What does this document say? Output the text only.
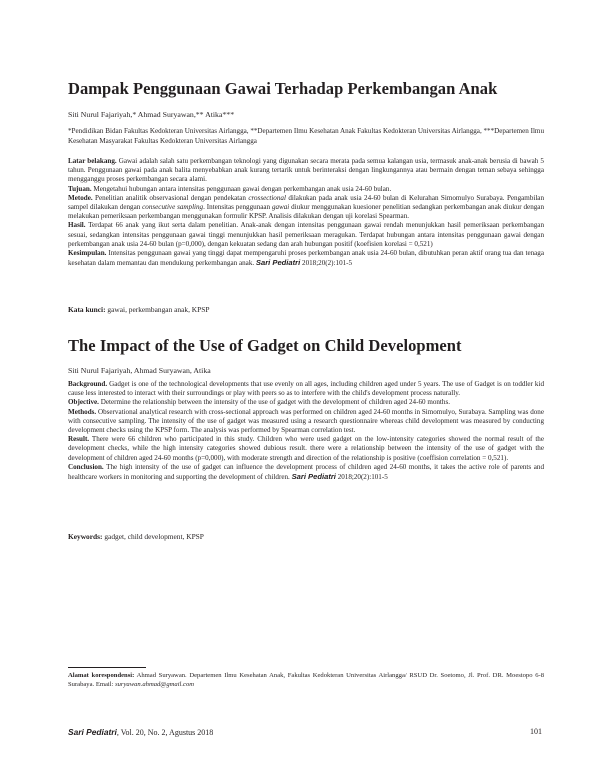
Dampak Penggunaan Gawai Terhadap Perkembangan Anak
Siti Nurul Fajariyah,* Ahmad Suryawan,** Atika***
*Pendidikan Bidan Fakultas Kedokteran Universitas Airlangga, **Departemen Ilmu Kesehatan Anak Fakultas Kedokteran Universitas Airlangga, ***Departemen Ilmu Kesehatan Masyarakat Fakultas Kedokteran Universitas Airlangga

Latar belakang. Gawai adalah salah satu perkembangan teknologi yang digunakan secara merata pada semua kalangan usia, termasuk anak-anak berusia di bawah 5 tahun. Penggunaan gawai pada anak balita menyebabkan anak kurang tertarik untuk berinteraksi dengan lingkungannya atau bermain dengan teman sebaya sehingga mengganggu proses perkembangan secara alami.

Tujuan. Mengetahui hubungan antara intensitas penggunaan gawai dengan perkembangan anak usia 24-60 bulan.

Metode. Penelitian analitik observasional dengan pendekatan crossectional dilakukan pada anak usia 24-60 bulan di Kelurahan Simomulyo Surabaya. Pengambilan sampel dilakukan dengan consecutive sampling. Intensitas penggunaan gawai diukur menggunakan kuesioner penelitian sedangkan perkembangan anak diukur dengan melakukan pemeriksaan perkembangan menggunakan formulir KPSP. Analisis dilakukan dengan uji korelasi Spearman.

Hasil. Terdapat 66 anak yang ikut serta dalam penelitian. Anak-anak dengan intensitas penggunaan gawai rendah menunjukkan hasil pemeriksaan perkembangan sesuai, sedangkan intensitas penggunaan gawai tinggi menunjukkan hasil pemeriksaan meragukan. Terdapat hubungan antara intensitas penggunaan gawai dengan perkembangan anak usia 24-60 bulan (p=0,000), dengan kekuatan sedang dan arah hubungan positif (koefisien korelasi = 0,521)

Kesimpulan. Intensitas penggunaan gawai yang tinggi dapat mempengaruhi proses perkembangan anak usia 24-60 bulan, dibutuhkan peran aktif orang tua dan tenaga kesehatan dalam memantau dan mendukung perkembangan anak. Sari Pediatri 2018;20(2):101-5

Kata kunci: gawai, perkembangan anak, KPSP
The Impact of the Use of Gadget on Child Development
Siti Nurul Fajariyah, Ahmad Suryawan, Atika

Background. Gadget is one of the technological developments that use evenly on all ages, including children aged under 5 years. The use of Gadget is on toddler kid cause less interested to interact with their surroundings or play with peers so as to interfere with the child's development process naturally.

Objective. Determine the relationship between the intensity of the use of gadget with the development of children aged 24-60 months.

Methods. Observational analytical research with cross-sectional approach was performed on children aged 24-60 months in Simomulyo, Surabaya. Sampling was done with consecutive sampling. The intensity of the use of gadget was measured using a research questionnaire whereas child development was measured by conducting development checks using the KPSP form. The analysis was performed by Spearman correlation test.

Result. There were 66 children who participated in this study. Children who were used gadget on the low-intensity categories showed the normal result of the development checks, while the high intensity categories showed dubious result. there were a relationship between the intensity of the use of gadget with the development of children aged 24-60 months (p=0,000), with moderate strength and direction of the relationship is positive (coeffision correlation = 0,521).

Conclusion. The high intensity of the use of gadget can influence the development process of children aged 24-60 months, it takes the active role of parents and healthcare workers in monitoring and supporting the development of children. Sari Pediatri 2018;20(2):101-5

Keywords: gadget, child development, KPSP
Alamat korespondensi: Ahmad Suryawan. Departemen Ilmu Kesehatan Anak, Fakultas Kedokteran Universitas Airlangga/ RSUD Dr. Soetomo, Jl. Prof. DR. Moestopo 6-8 Surabaya. Email: suryawan.ahmad@gmail.com
Sari Pediatri, Vol. 20, No. 2, Agustus 2018	101
